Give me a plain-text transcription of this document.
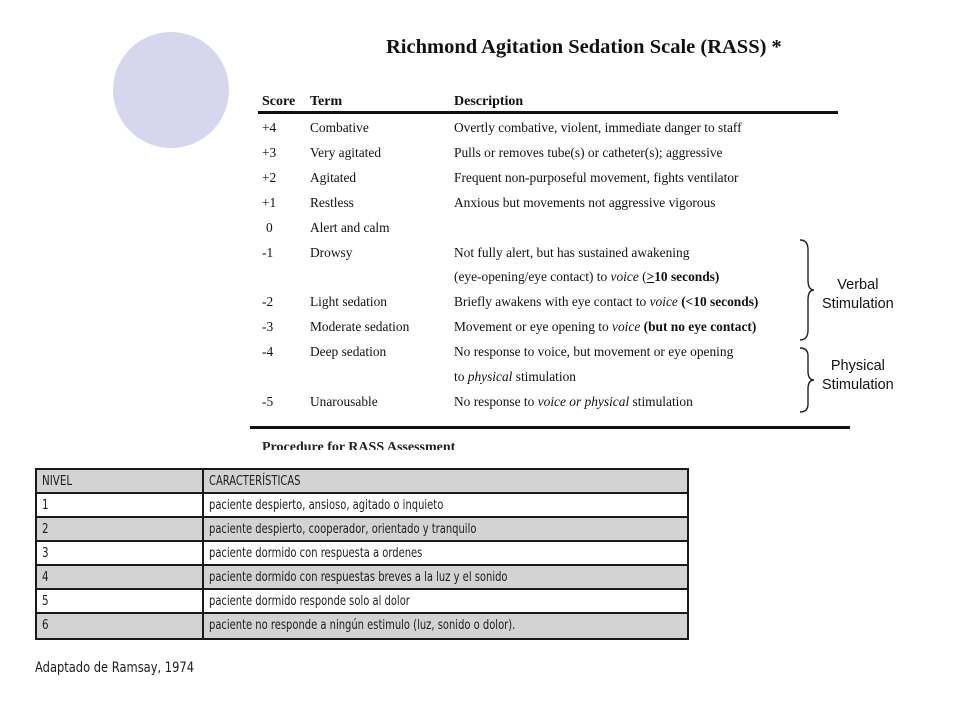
Richmond Agitation Sedation Scale (RASS) *
Score Term	Description
+4	Combative	Overtly combative, violent, immediate danger to staff
+3	Very agitated	Pulls or removes tube(s) or catheter(s); aggressive
+2	Agitated	Frequent non-purposeful movement, fights ventilator
+1	Restless	Anxious but movements not aggressive vigorous
0	Alert and calm
-1	Drowsy	Not fully alert, but has sustained awakening
(eye-opening/eye contact) to voice (>10 seconds)
-2	Light sedation	Briefly awakens with eye contact to voice (<10 seconds)
-3	Moderate sedation	Movement or eye opening to voice (but no eye contact)
-4	Deep sedation	No response to voice, but movement or eye opening
to physical stimulation
-5	Unarousable	No response to voice or physical stimulation
Verbal
Stimulation
Physical
Stimulation
Procedure for RASS Assessment
6	paciente no responde a ningún estimulo (luz, sonido o dolor).
5	paciente dormido responde solo al dolor
4	paciente dormido con respuestas breves a la luz y el sonido
3	paciente dormido con respuesta a ordenes
2	paciente despierto, cooperador, orientado y tranquilo
1	paciente despierto, ansioso, agitado o inquieto
NIVEL	CARACTERÍSTICAS
Adaptado de Ramsay, 1974
